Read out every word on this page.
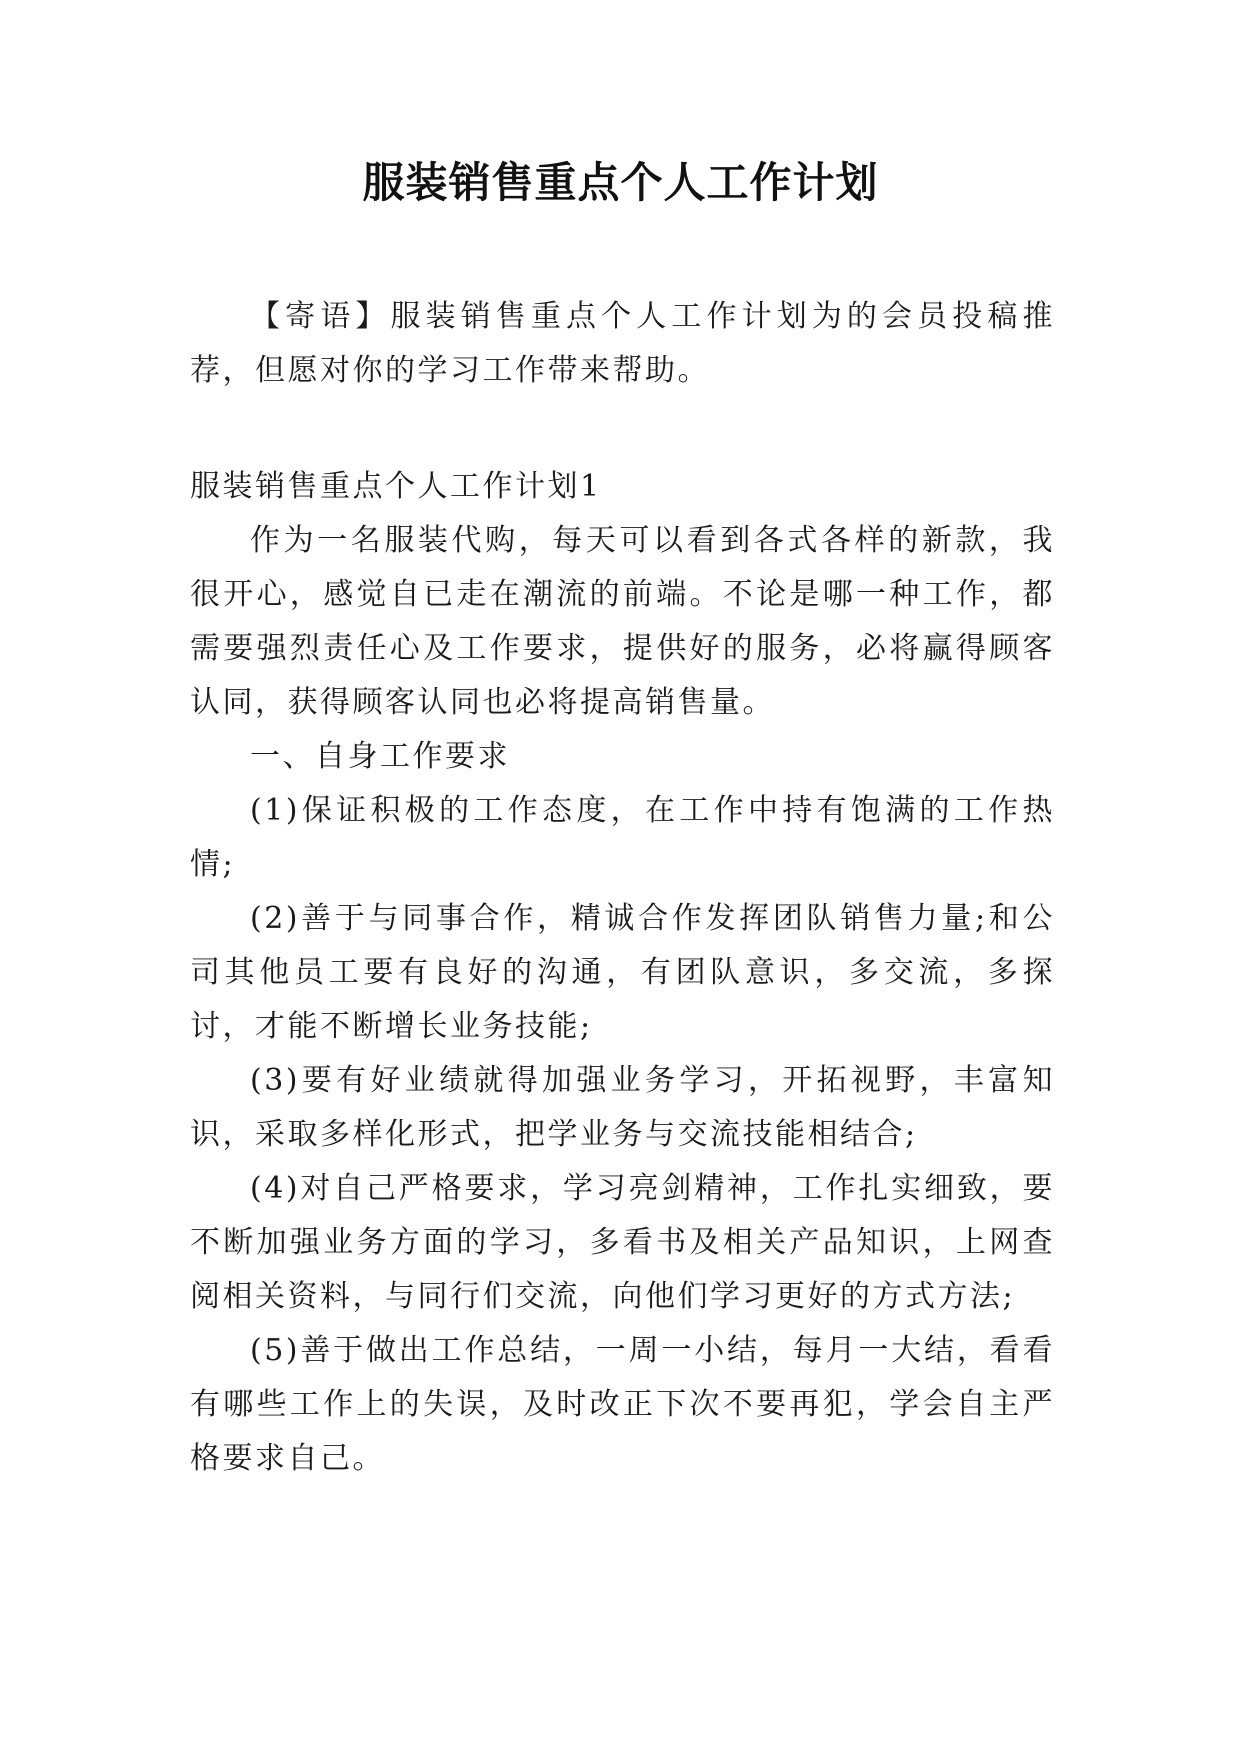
服装销售重点个人工作计划

【寄语】服装销售重点个人工作计划为的会员投稿推荐，但愿对你的学习工作带来帮助。

服装销售重点个人工作计划1

作为一名服装代购，每天可以看到各式各样的新款，我很开心，感觉自已走在潮流的前端。不论是哪一种工作，都需要强烈责任心及工作要求，提供好的服务，必将赢得顾客认同，获得顾客认同也必将提高销售量。

一、自身工作要求

(1)保证积极的工作态度，在工作中持有饱满的工作热情;

(2)善于与同事合作，精诚合作发挥团队销售力量;和公司其他员工要有良好的沟通，有团队意识，多交流，多探讨，才能不断增长业务技能;

(3)要有好业绩就得加强业务学习，开拓视野，丰富知识，采取多样化形式，把学业务与交流技能相结合;

(4)对自己严格要求，学习亮剑精神，工作扎实细致，要不断加强业务方面的学习，多看书及相关产品知识，上网查阅相关资料，与同行们交流，向他们学习更好的方式方法;

(5)善于做出工作总结，一周一小结，每月一大结，看看有哪些工作上的失误，及时改正下次不要再犯，学会自主严格要求自己。
